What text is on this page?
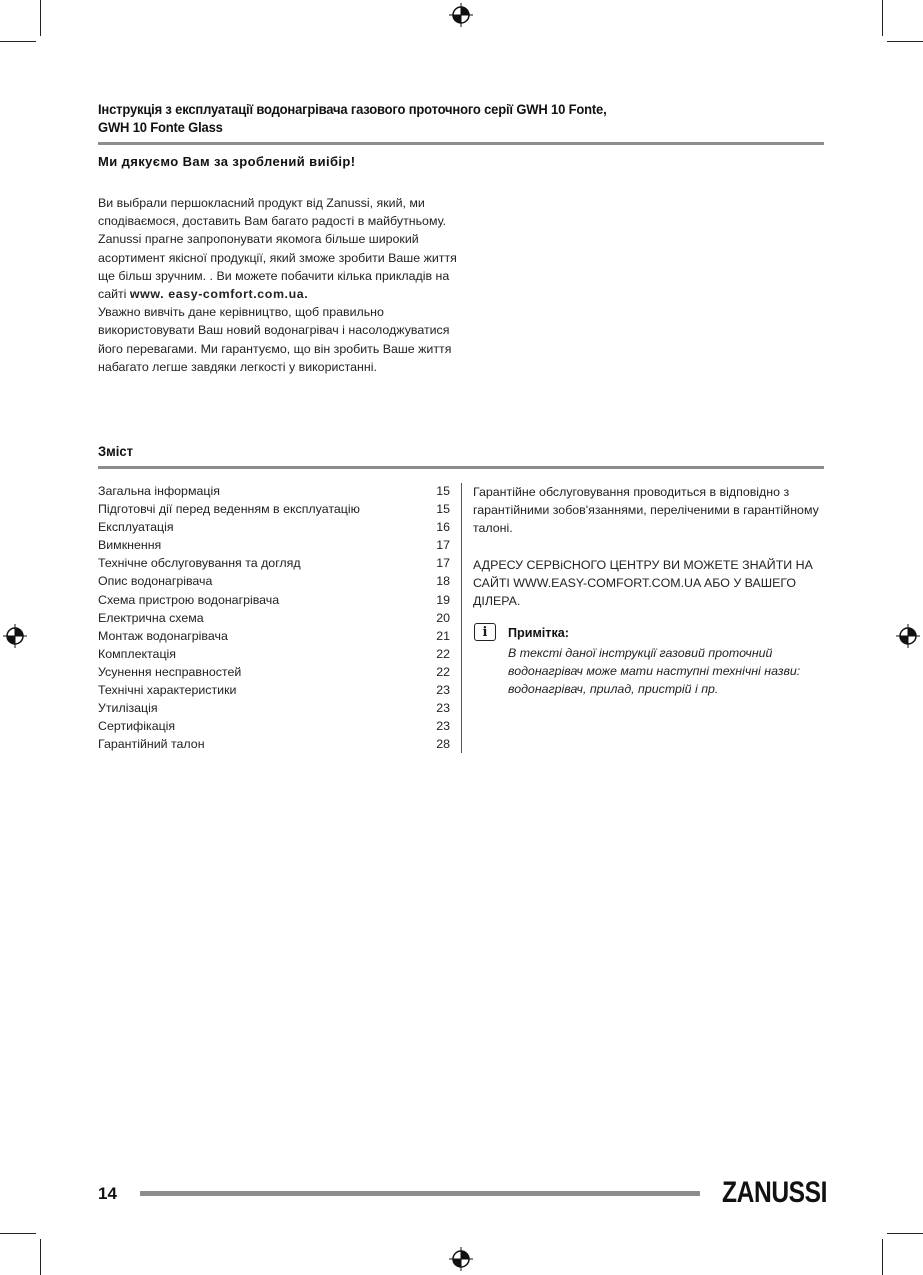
Інструкція з експлуатації водонагрівача газового проточного серії GWH 10 Fonte,
GWH 10 Fonte Glass
Ми дякуємо Вам за зроблений виібір!

Ви выбрали першокласний продукт від Zanussi, який, ми сподіваємося, доставить Вам багато радості в майбутньому. Zanussi прагне запропонувати якомога більше широкий асортимент якісної продукції, який зможе зробити Ваше життя ще більш зручним. . Ви можете побачити кілька прикладів на сайті www. easy-comfort.com.ua.

Уважно вивчіть дане керівництво, щоб правильно використовувати Ваш новий водонагрівач і насолоджуватися його перевагами. Ми гарантуємо, що він зробить Ваше життя набагато легше завдяки легкості у використанні.

Зміст
Загальна інформація	15
Підготовчі дії перед веденням в експлуатацію	15
Експлуатація	16
Вимкнення	17
Технічне обслуговування та догляд	17
Опис водонагрівача	18
Схема пристрою водонагрівача	19
Електрична схема	20
Монтаж водонагрівача	21
Комплектація	22
Усунення несправностей	22
Технічні характеристики	23
Утилізація	23
Сертифікація	23
Гарантійний талон	28

Гарантійне обслуговування проводиться в відповідно з гарантійними зобов'язаннями, переліченими в гарантійному талоні.

АДРЕСУ СЕРВіСНОГО ЦЕНТРУ ВИ МОЖЕТЕ ЗНАЙТИ НА САЙТІ WWW.EASY-COMFORT.COM.UA АБО У ВАШЕГО ДІЛЕРА.

i	Примітка:
В тексті даної інструкції газовий проточний водонагрівач може мати наступні технічні назви: водонагрівач, прилад, пристрій і пр.
14	ZANUSSI
